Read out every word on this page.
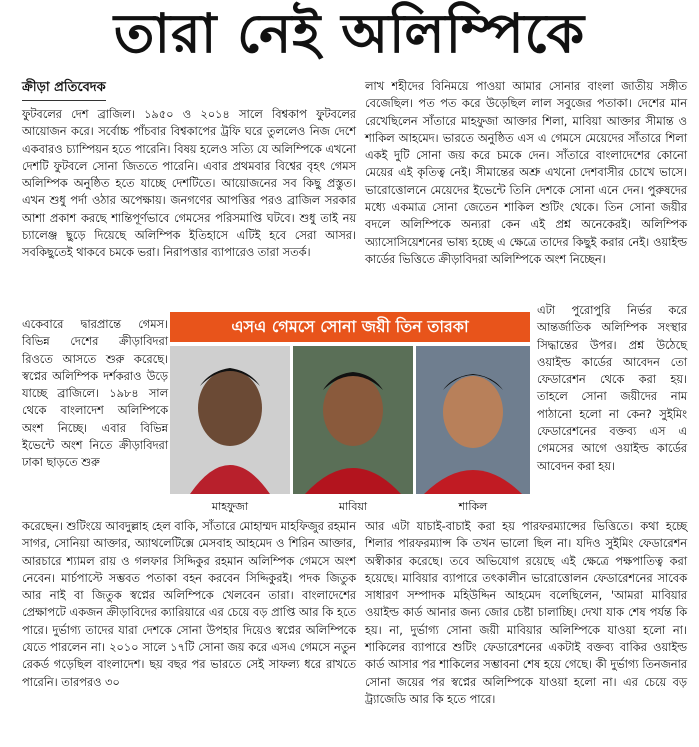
তারা নেই অলিম্পিকে
ক্রীড়া প্রতিবেদক

ফুটবলের দেশ ব্রাজিল। ১৯৫০ ও ২০১৪ সালে বিশ্বকাপ ফুটবলের আয়োজন করে। সর্বোচ্চ পাঁচবার বিশ্বকাপের ট্রফি ঘরে তুললেও নিজ দেশে একবারও চ্যাম্পিয়ন হতে পারেনি। বিষয় হলেও সত্যি যে অলিম্পিকে এখনো দেশটি ফুটবলে সোনা জিততে পারেনি। এবার প্রথমবার বিশ্বের বৃহৎ গেমস অলিম্পিক অনুষ্ঠিত হতে যাচ্ছে দেশটিতে। আয়োজনের সব কিছু প্রস্তুত। এখন শুধু পর্দা ওঠার অপেক্ষায়। জনগণের আপত্তির পরও ব্রাজিল সরকার আশা প্রকাশ করছে শান্তিপূর্ণভাবে গেমসের পরিসমাপ্তি ঘটবে। শুধু তাই নয় চ্যালেঞ্জ ছুড়ে দিয়েছে অলিম্পিক ইতিহাসে এটিই হবে সেরা আসর। সবকিছুতেই থাকবে চমকে ভরা। নিরাপত্তার ব্যাপারেও তারা সতর্ক।

একেবারে দ্বারপ্রান্তে গেমস। বিভিন্ন দেশের ক্রীড়াবিদরা রিওতে আসতে শুরু করেছে। স্বপ্নের অলিম্পিক দর্শকরাও উড়ে যাচ্ছে ব্রাজিলে। ১৯৮৪ সাল থেকে বাংলাদেশ অলিম্পিকে অংশ নিচ্ছে। এবার বিভিন্ন ইভেন্টে অংশ নিতে ক্রীড়াবিদরা ঢাকা ছাড়তে শুরু
করেছেন। শুটিংয়ে আবদুল্লাহ হেল বাকি, সাঁতারে মোহাম্মদ মাহফিজুর রহমান সাগর, সোনিয়া আক্তার, অ্যাথলেটিক্সে মেসবাহ আহমেদ ও শিরিন আক্তার, আরচারে শ্যামল রায় ও গলফার সিদ্দিকুর রহমান অলিম্পিক গেমসে অংশ নেবেন। মার্চপাস্টে সম্ভবত পতাকা বহন করবেন সিদ্দিকুরই। পদক জিতুক আর নাই বা জিতুক স্বপ্নের অলিম্পিকে খেলবেন তারা। বাংলাদেশের প্রেক্ষাপটে একজন ক্রীড়াবিদের ক্যারিয়ারে এর চেয়ে বড় প্রাপ্তি আর কি হতে পারে। দুর্ভাগ্য তাদের যারা দেশকে সোনা উপহার দিয়েও স্বপ্নের অলিম্পিকে যেতে পারলেন না। ২০১০ সালে ১৭টি সোনা জয় করে এসএ গেমসে নতুন রেকর্ড গড়েছিল বাংলাদেশ। ছয় বছর পর ভারতে সেই সাফল্য ধরে রাখতে পারেনি। তারপরও ৩০

লাখ শহীদের বিনিময়ে পাওয়া আমার সোনার বাংলা জাতীয় সঙ্গীত বেজেছিল। পত পত করে উড়েছিল লাল সবুজের পতাকা। দেশের মান রেখেছিলেন সাঁতারে মাহফুজা আক্তার শিলা, মাবিয়া আক্তার সীমান্ত ও শাকিল আহমেদ। ভারতে অনুষ্ঠিত এস এ গেমসে মেয়েদের সাঁতারে শিলা একই দুটি সোনা জয় করে চমকে দেন। সাঁতারে বাংলাদেশের কোনো মেয়ের এই কৃতিত্ব নেই। সীমান্তের অশ্রু এখনো দেশবাসীর চোখে ভাসে। ভারোত্তোলনে মেয়েদের ইভেন্টে তিনি দেশকে সোনা এনে দেন। পুরুষদের মধ্যে একমাত্র সোনা জেতেন শাকিল শুটিং থেকে। তিন সোনা জয়ীর বদলে অলিম্পিকে অন্যরা কেন এই প্রশ্ন অনেকেরই। অলিম্পিক অ্যাসোসিয়েশনের ভাষ্য হচ্ছে এ ক্ষেত্রে তাদের কিছুই করার নেই। ওয়াইল্ড কার্ডের ভিত্তিতে ক্রীড়াবিদরা অলিম্পিকে অংশ নিচ্ছেন।

এটা পুরোপুরি নির্ভর করে আন্তর্জাতিক অলিম্পিক সংস্থার সিদ্ধান্তের উপর। প্রশ্ন উঠেছে ওয়াইল্ড কার্ডের আবেদন তো ফেডারেশন থেকে করা হয়। তাহলে সোনা জয়ীদের নাম পাঠানো হলো না কেন? সুইমিং ফেডারেশনের বক্তব্য এস এ গেমসের আগে ওয়াইল্ড কার্ডের আবেদন করা হয়।
আর এটা যাচাই-বাচাই করা হয় পারফরম্যান্সের ভিত্তিতে। কথা হচ্ছে শিলার পারফরম্যান্স কি তখন ভালো ছিল না। যদিও সুইমিং ফেডারেশন অস্বীকার করেছে। তবে অভিযোগ রয়েছে এই ক্ষেত্রে পক্ষপাতিত্ব করা হয়েছে। মাবিয়ার ব্যাপারে তৎকালীন ভারোত্তোলন ফেডারেশনের সাবেক সাধারণ সম্পাদক মহিউদ্দিন আহমেদ বলেছিলেন, 'আমরা মাবিয়ার ওয়াইল্ড কার্ড আনার জন্য জোর চেষ্টা চালাচ্ছি। দেখা যাক শেষ পর্যন্ত কি হয়। না, দুর্ভাগ্য সোনা জয়ী মাবিয়ার অলিম্পিকে যাওয়া হলো না। শাকিলের ব্যাপারে শুটিং ফেডারেশনের একটাই বক্তব্য বাকির ওয়াইল্ড কার্ড আসার পর শাকিলের সম্ভাবনা শেষ হয়ে গেছে। কী দুর্ভাগ্য তিনজনার সোনা জয়ের পর স্বপ্নের অলিম্পিকে যাওয়া হলো না। এর চেয়ে বড় ট্র্যাজেডি আর কি হতে পারে।
এসএ গেমসে সোনা জয়ী তিন তারকা
মাহফুজা	মাবিয়া	শাকিল
